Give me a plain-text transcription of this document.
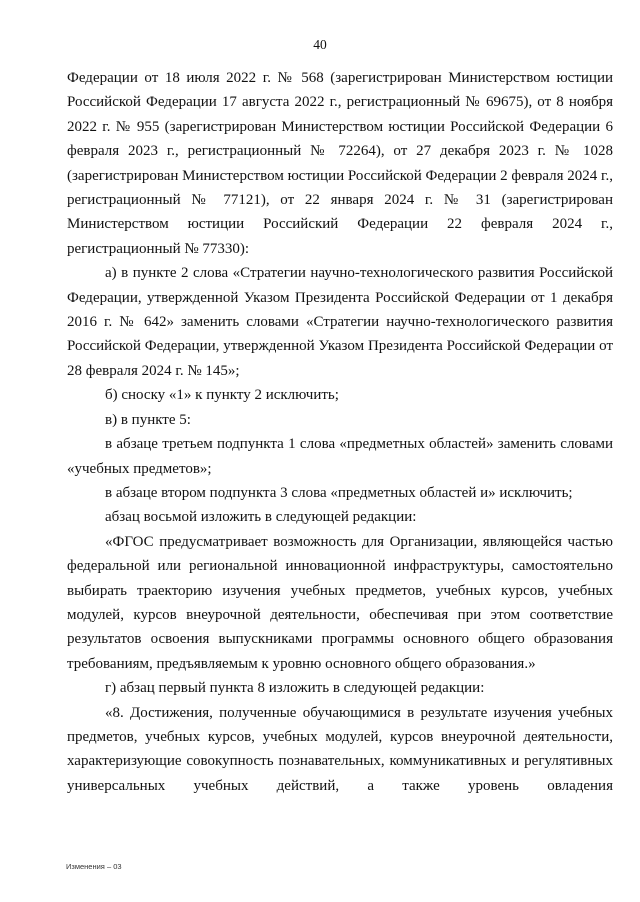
40

Федерации от 18 июля 2022 г. № 568 (зарегистрирован Министерством юстиции Российской Федерации 17 августа 2022 г., регистрационный № 69675), от 8 ноября 2022 г. № 955 (зарегистрирован Министерством юстиции Российской Федерации 6 февраля 2023 г., регистрационный № 72264), от 27 декабря 2023 г. № 1028 (зарегистрирован Министерством юстиции Российской Федерации 2 февраля 2024 г., регистрационный № 77121), от 22 января 2024 г. № 31 (зарегистрирован Министерством юстиции Российский Федерации 22 февраля 2024 г., регистрационный № 77330):

а) в пункте 2 слова «Стратегии научно-технологического развития Российской Федерации, утвержденной Указом Президента Российской Федерации от 1 декабря 2016 г. № 642» заменить словами «Стратегии научно-технологического развития Российской Федерации, утвержденной Указом Президента Российской Федерации от 28 февраля 2024 г. № 145»;

б) сноску «1» к пункту 2 исключить;

в) в пункте 5:

в абзаце третьем подпункта 1 слова «предметных областей» заменить словами «учебных предметов»;

в абзаце втором подпункта 3 слова «предметных областей и» исключить;

абзац восьмой изложить в следующей редакции:

«ФГОС предусматривает возможность для Организации, являющейся частью федеральной или региональной инновационной инфраструктуры, самостоятельно выбирать траекторию изучения учебных предметов, учебных курсов, учебных модулей, курсов внеурочной деятельности, обеспечивая при этом соответствие результатов освоения выпускниками программы основного общего образования требованиям, предъявляемым к уровню основного общего образования.»

г) абзац первый пункта 8 изложить в следующей редакции:

«8. Достижения, полученные обучающимися в результате изучения учебных предметов, учебных курсов, учебных модулей, курсов внеурочной деятельности, характеризующие совокупность познавательных, коммуникативных и регулятивных универсальных учебных действий, а также уровень овладения

Изменения – 03
